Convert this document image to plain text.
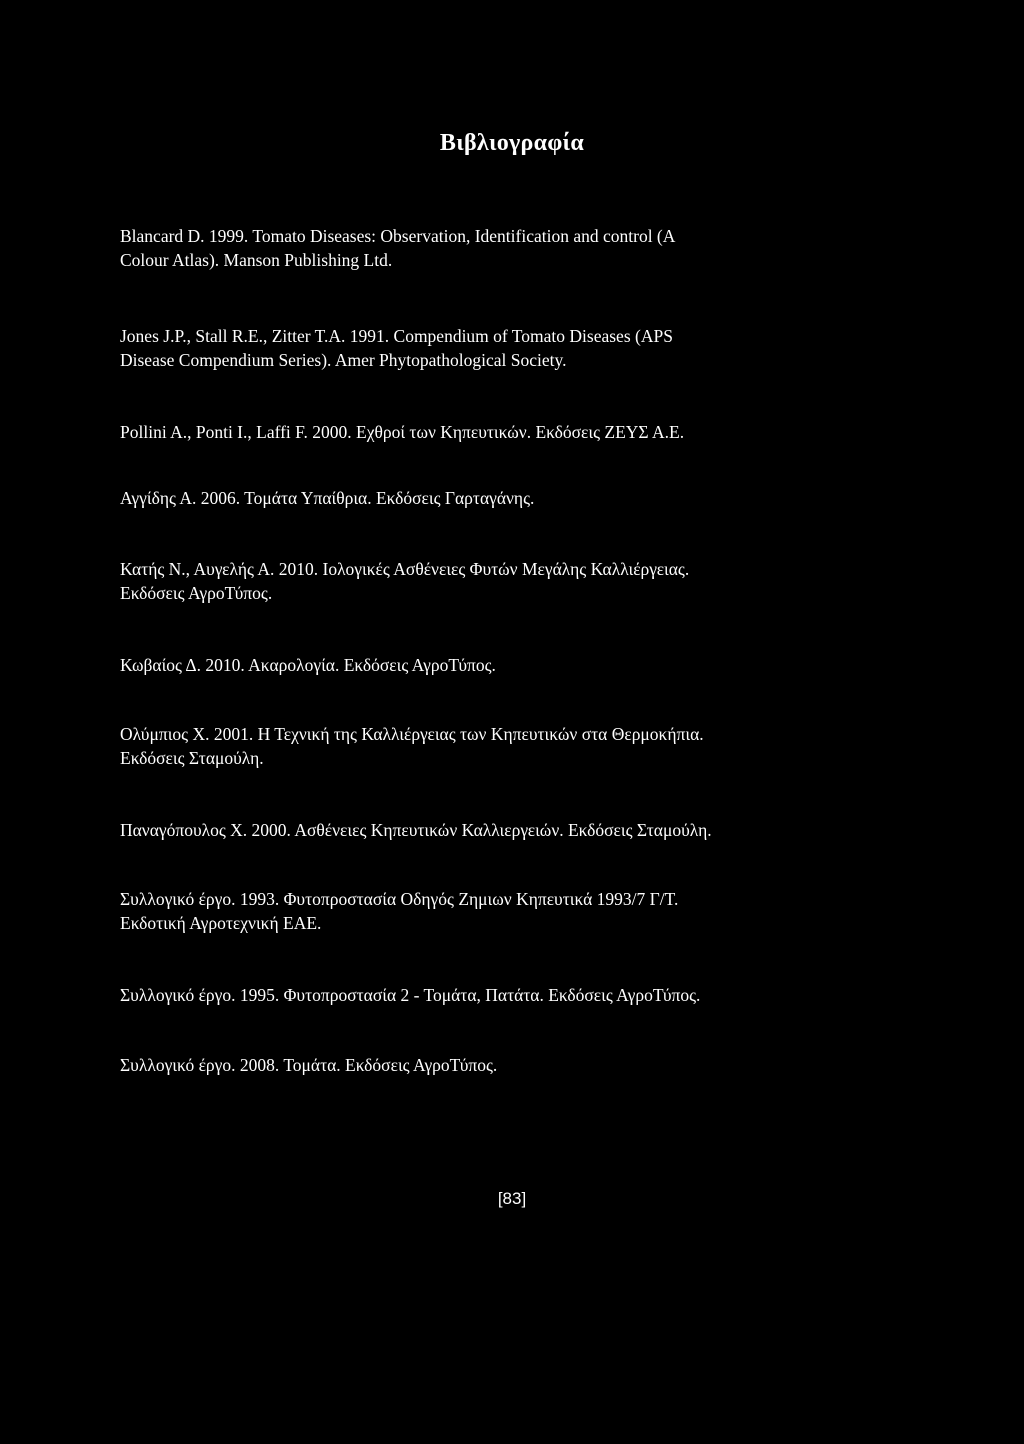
Βιβλιογραφία
Blancard D. 1999. Tomato Diseases: Observation, Identification and control (A
Colour Atlas). Manson Publishing Ltd.
Jones J.P., Stall R.E., Zitter T.A. 1991. Compendium of Tomato Diseases (APS
Disease Compendium Series). Amer Phytopathological Society.
Pollini A., Ponti I., Laffi F. 2000. Εχθροί των Κηπευτικών. Εκδόσεις ΖΕΥΣ Α.Ε.
Αγγίδης Α. 2006. Τομάτα Υπαίθρια. Εκδόσεις Γαρταγάνης.
Κατής Ν., Αυγελής Α. 2010. Ιολογικές Ασθένειες Φυτών Μεγάλης Καλλιέργειας.
Εκδόσεις ΑγροΤύπος.
Κωβαίος Δ. 2010. Ακαρολογία. Εκδόσεις ΑγροΤύπος.
Ολύμπιος Χ. 2001. Η Τεχνική της Καλλιέργειας των Κηπευτικών στα Θερμοκήπια.
Εκδόσεις Σταμούλη.
Παναγόπουλος Χ. 2000. Ασθένειες Κηπευτικών Καλλιεργειών. Εκδόσεις Σταμούλη.
Συλλογικό έργο. 1993. Φυτοπροστασία Οδηγός Ζημιων Κηπευτικά 1993/7 Γ/Τ.
Εκδοτική Αγροτεχνική ΕΑΕ.
Συλλογικό έργο. 1995. Φυτοπροστασία 2 - Τομάτα, Πατάτα. Εκδόσεις ΑγροΤύπος.
Συλλογικό έργο. 2008. Τομάτα. Εκδόσεις ΑγροΤύπος.
[83]
